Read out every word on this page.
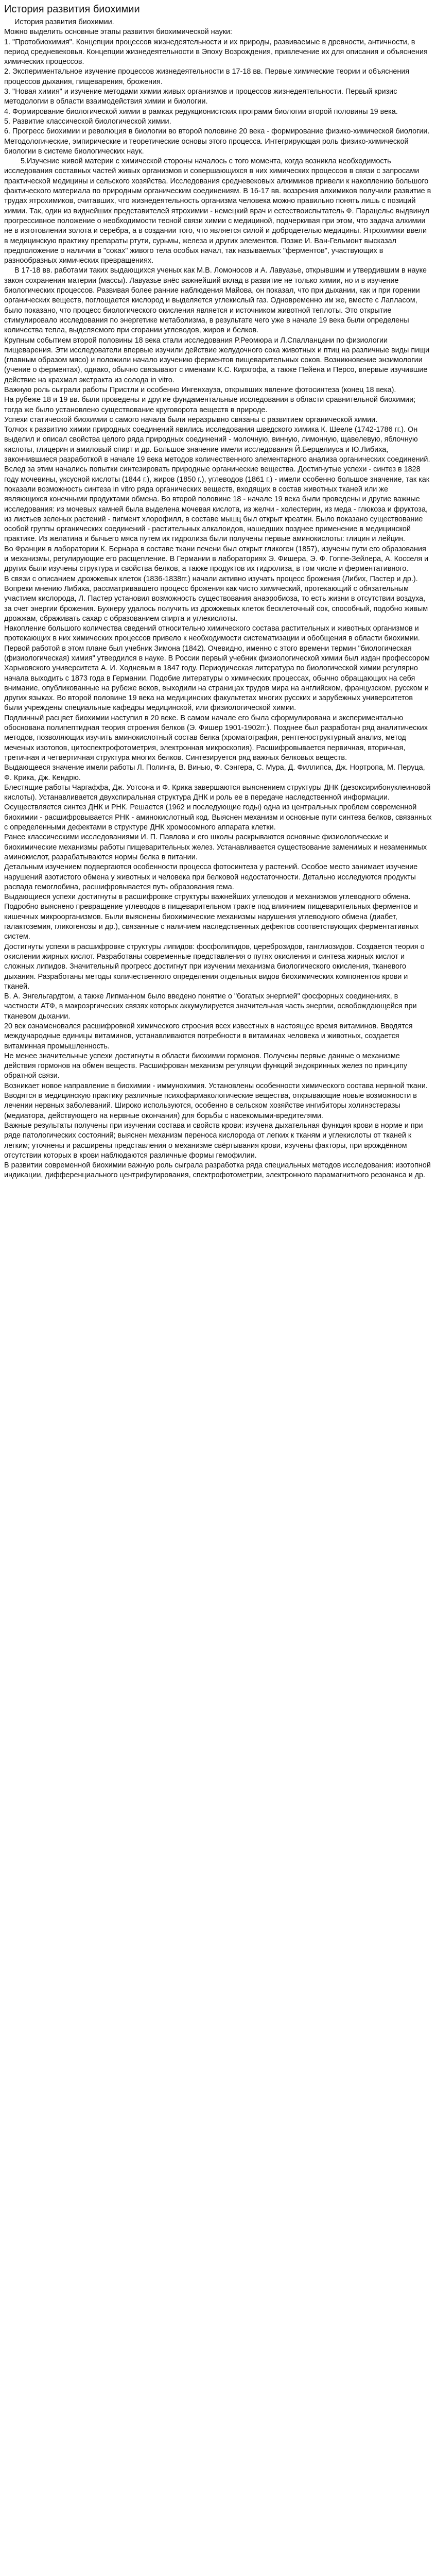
История развития биохимии

История развития биохимии.

Можно выделить основные этапы развития биохимической науки:

1. "Протобиохимия". Концепции процессов жизнедеятельности и их природы, развиваемые в древности, античности, в период средневековья. Концепции жизнедеятельности в Эпоху Возрождения, привлечение их для описания и объяснения химических процессов.

2. Экспериментальное изучение процессов жизнедеятельности в 17-18 вв. Первые химические теории и объяснения процессов дыхания, пищеварения, брожения.

3. "Новая химия" и изучение методами химии живых организмов и процессов жизнедеятельности. Первый кризис методологии в области взаимодействия химии и биологии.

4. Формирование биологической химии в рамках редукционистских программ биологии второй половины 19 века.

5. Развитие классической биологической химии.

6. Прогресс биохимии и революция в биологии во второй половине 20 века - формирование физико-химической биологии. Методологические, эмпирические и теоретические основы этого процесса. Интегрирующая роль физико-химической биологии в системе биологических наук.

5.Изучение живой материи с химической стороны началось с того момента, когда возникла необходимость исследования составных частей живых организмов и совершающихся в них химических процессов в связи с запросами практической медицины и сельского хозяйства. Исследования средневековых алхимиков привели к накоплению большого фактического материала по природным органическим соединениям. В 16-17 вв. воззрения алхимиков получили развитие в трудах ятрохимиков, считавших, что жизнедеятельность организма человека можно правильно понять лишь с позиций химии. Так, один из виднейших представителей ятрохимии - немецкий врач и естествоиспытатель Ф. Парацельс выдвинул прогрессивное положение о необходимости тесной связи химии с медициной, подчеркивая при этом, что задача алхимии не в изготовлении золота и серебра, а в создании того, что является силой и добродетелью медицины. Ятрохимики ввели в медицинскую практику препараты ртути, сурьмы, железа и других элементов. Позже И. Ван-Гельмонт высказал предположение о наличии в "соках" живого тела особых начал, так называемых "ферментов", участвующих в разнообразных химических превращениях.

В 17-18 вв. работами таких выдающихся ученых как М.В. Ломоносов и А. Лавуазье, открывшим и утвердившим в науке закон сохранения материи (массы). Лавуазье внёс важнейший вклад в развитие не только химии, но и в изучение биологических процессов. Развивая более ранние наблюдения Майова, он показал, что при дыхании, как и при горении органических веществ, поглощается кислород и выделяется углекислый газ. Одновременно им же, вместе с Лапласом, было показано, что процесс биологического окисления является и источником животной теплоты. Это открытие стимулировало исследования по энергетике метаболизма, в результате чего уже в начале 19 века были определены количества тепла, выделяемого при сгорании углеводов, жиров и белков.

Крупным событием второй половины 18 века стали исследования Р.Реомюра и Л.Спалланцани по физиологии пищеварения. Эти исследователи впервые изучили действие желудочного сока животных и птиц на различные виды пищи (главным образом мясо) и положили начало изучению ферментов пищеварительных соков. Возникновение энзимологии (учение о ферментах), однако, обычно связывают с именами К.С. Кирхгофа, а также Пейена и Персо, впервые изучившие действие на крахмал экстракта из солода in vitro.

Важную роль сыграли работы Пристли и особенно Ингенхауза, открывших явление фотосинтеза (конец 18 века).

На рубеже 18 и 19 вв. были проведены и другие фундаментальные исследования в области сравнительной биохимии; тогда же было установлено существование круговорота веществ в природе.

Успехи статической биохимии с самого начала были неразрывно связаны с развитием органической химии.

Толчок к развитию химии природных соединений явились исследования шведского химика К. Шееле (1742-1786 гг.). Он выделил и описал свойства целого ряда природных соединений - молочную, винную, лимонную, щавелевую, яблочную кислоты, глицерин и амиловый спирт и др. Большое значение имели исследования Й.Берцелиуса и Ю.Либиха, закончившиеся разработкой в начале 19 века методов количественного элементарного анализа органических соединений. Вслед за этим начались попытки синтезировать природные органические вещества. Достигнутые успехи - синтез в 1828 году мочевины, уксусной кислоты (1844 г.), жиров (1850 г.), углеводов (1861 г.) - имели особенно большое значение, так как показали возможность синтеза in vitro ряда органических веществ, входящих в состав животных тканей или же являющихся конечными продуктами обмена. Во второй половине 18 - начале 19 века были проведены и другие важные исследования: из мочевых камней была выделена мочевая кислота, из желчи - холестерин, из меда - глюкоза и фруктоза, из листьев зеленых растений - пигмент хлорофилл, в составе мышц был открыт креатин. Было показано существование особой группы органических соединений - растительных алкалоидов, нашедших позднее применение в медицинской практике. Из желатина и бычьего мяса путем их гидролиза были получены первые аминокислоты: глицин и лейцин.

Во Франции в лаборатории К. Бернара в составе ткани печени был открыт гликоген (1857), изучены пути его образования и механизмы, регулирующие его расщепление. В Германии в лабораториях Э. Фишера, Э. Ф. Гоппе-Зейлера, А. Косселя и других были изучены структура и свойства белков, а также продуктов их гидролиза, в том числе и ферментативного.

В связи с описанием дрожжевых клеток (1836-1838гг.) начали активно изучать процесс брожения (Либих, Пастер и др.). Вопреки мнению Либиха, рассматривавшего процесс брожения как чисто химический, протекающий с обязательным участием кислорода, Л. Пастер установил возможность существования анаэробиоза, то есть жизни в отсутствии воздуха, за счет энергии брожения. Бухнеру удалось получить из дрожжевых клеток бесклеточный сок, способный, подобно живым дрожжам, сбраживать сахар с образованием спирта и углекислоты.

Накопление большого количества сведений относительно химического состава растительных и животных организмов и протекающих в них химических процессов привело к необходимости систематизации и обобщения в области биохимии. Первой работой в этом плане был учебник Зимона (1842). Очевидно, именно с этого времени термин "биологическая (физиологическая) химия" утвердился в науке. В России первый учебник физиологической химии был издан профессором Харьковского университета А. И. Ходневым в 1847 году. Периодическая литература по биологической химии регулярно начала выходить с 1873 года в Германии. Подобие литературы о химических процессах, обычно обращающих на себя внимание, опубликованные на рубеже веков, выходили на страницах трудов мира на английском, французском, русском и других языках. Во второй половине 19 века на медицинских факультетах многих русских и зарубежных университетов были учреждены специальные кафедры медицинской, или физиологической химии.

Подлинный расцвет биохимии наступил в 20 веке. В самом начале его была сформулирована и экспериментально обоснована полипептидная теория строения белков (Э. Фишер 1901-1902гг.). Позднее был разработан ряд аналитических методов, позволяющих изучить аминокислотный состав белка (хроматография, рентгеноструктурный анализ, метод меченых изотопов, цитоспектрофотометрия, электронная микроскопия). Расшифровывается первичная, вторичная, третичная и четвертичная структура многих белков. Синтезируется ряд важных белковых веществ.

Выдающееся значение имели работы Л. Полинга, В. Винью, Ф. Сэнгера, С. Мура, Д. Филлипса, Дж. Нортропа, М. Перуца, Ф. Крика, Дж. Кендрю.

Блестящие работы Чаргаффа, Дж. Уотсона и Ф. Крика завершаются выяснением структуры ДНК (дезоксирибонуклеиновой кислоты). Устанавливается двухспиральная структура ДНК и роль ее в передаче наследственной информации. Осуществляется синтез ДНК и РНК. Решается (1962 и последующие годы) одна из центральных проблем современной биохимии - расшифровывается РНК - аминокислотный код. Выяснен механизм и основные пути синтеза белков, связанных с определенными дефектами в структуре ДНК хромосомного аппарата клетки.

Ранее классическими исследованиями И. П. Павлова и его школы раскрываются основные физиологические и биохимические механизмы работы пищеварительных желез. Устанавливается существование заменимых и незаменимых аминокислот, разрабатываются нормы белка в питании.

Детальным изучением подвергаются особенности процесса фотосинтеза у растений. Особое место занимает изучение нарушений азотистого обмена у животных и человека при белковой недостаточности. Детально исследуются продукты распада гемоглобина, расшифровывается путь образования гема.

Выдающиеся успехи достигнуты в расшифровке структуры важнейших углеводов и механизмов углеводного обмена. Подробно выяснено превращение углеводов в пищеварительном тракте под влиянием пищеварительных ферментов и кишечных микроорганизмов. Были выяснены биохимические механизмы нарушения углеводного обмена (диабет, галактоземия, гликогенозы и др.), связанные с наличием наследственных дефектов соответствующих ферментативных систем.

Достигнуты успехи в расшифровке структуры липидов: фосфолипидов, цереброзидов, ганглиозидов. Создается теория о окислении жирных кислот. Разработаны современные представления о путях окисления и синтеза жирных кислот и сложных липидов. Значительный прогресс достигнут при изучении механизма биологического окисления, тканевого дыхания. Разработаны методы количественного определения отдельных видов биохимических компонентов крови и тканей.

В. А. Энгельгардтом, а также Липманном было введено понятие о "богатых энергией" фосфорных соединениях, в частности АТФ, в макроэргических связях которых аккумулируется значительная часть энергии, освобождающейся при тканевом дыхании.

20 век ознаменовался расшифровкой химического строения всех известных в настоящее время витаминов. Вводятся международные единицы витаминов, устанавливаются потребности в витаминах человека и животных, создается витаминная промышленность.

Не менее значительные успехи достигнуты в области биохимии гормонов. Получены первые данные о механизме действия гормонов на обмен веществ. Расшифрован механизм регуляции функций эндокринных желез по принципу обратной связи.

Возникает новое направление в биохимии - иммунохимия. Установлены особенности химического состава нервной ткани. Вводятся в медицинскую практику различные психофармакологические вещества, открывающие новые возможности в лечении нервных заболеваний. Широко используются, особенно в сельском хозяйстве ингибиторы холинэстеразы (медиатора, действующего на нервные окончания) для борьбы с насекомыми-вредителями.

Важные результаты получены при изучении состава и свойств крови: изучена дыхательная функция крови в норме и при ряде патологических состояний; выяснен механизм переноса кислорода от легких к тканям и углекислоты от тканей к легким; уточнены и расширены представления о механизме свёртывания крови, изучены факторы, при врождённом отсутствии которых в крови наблюдаются различные формы гемофилии.

В развитии современной биохимии важную роль сыграла разработка ряда специальных методов исследования: изотопной индикации, дифференциального центрифугирования, спектрофотометрии, электронного парамагнитного резонанса и др.
